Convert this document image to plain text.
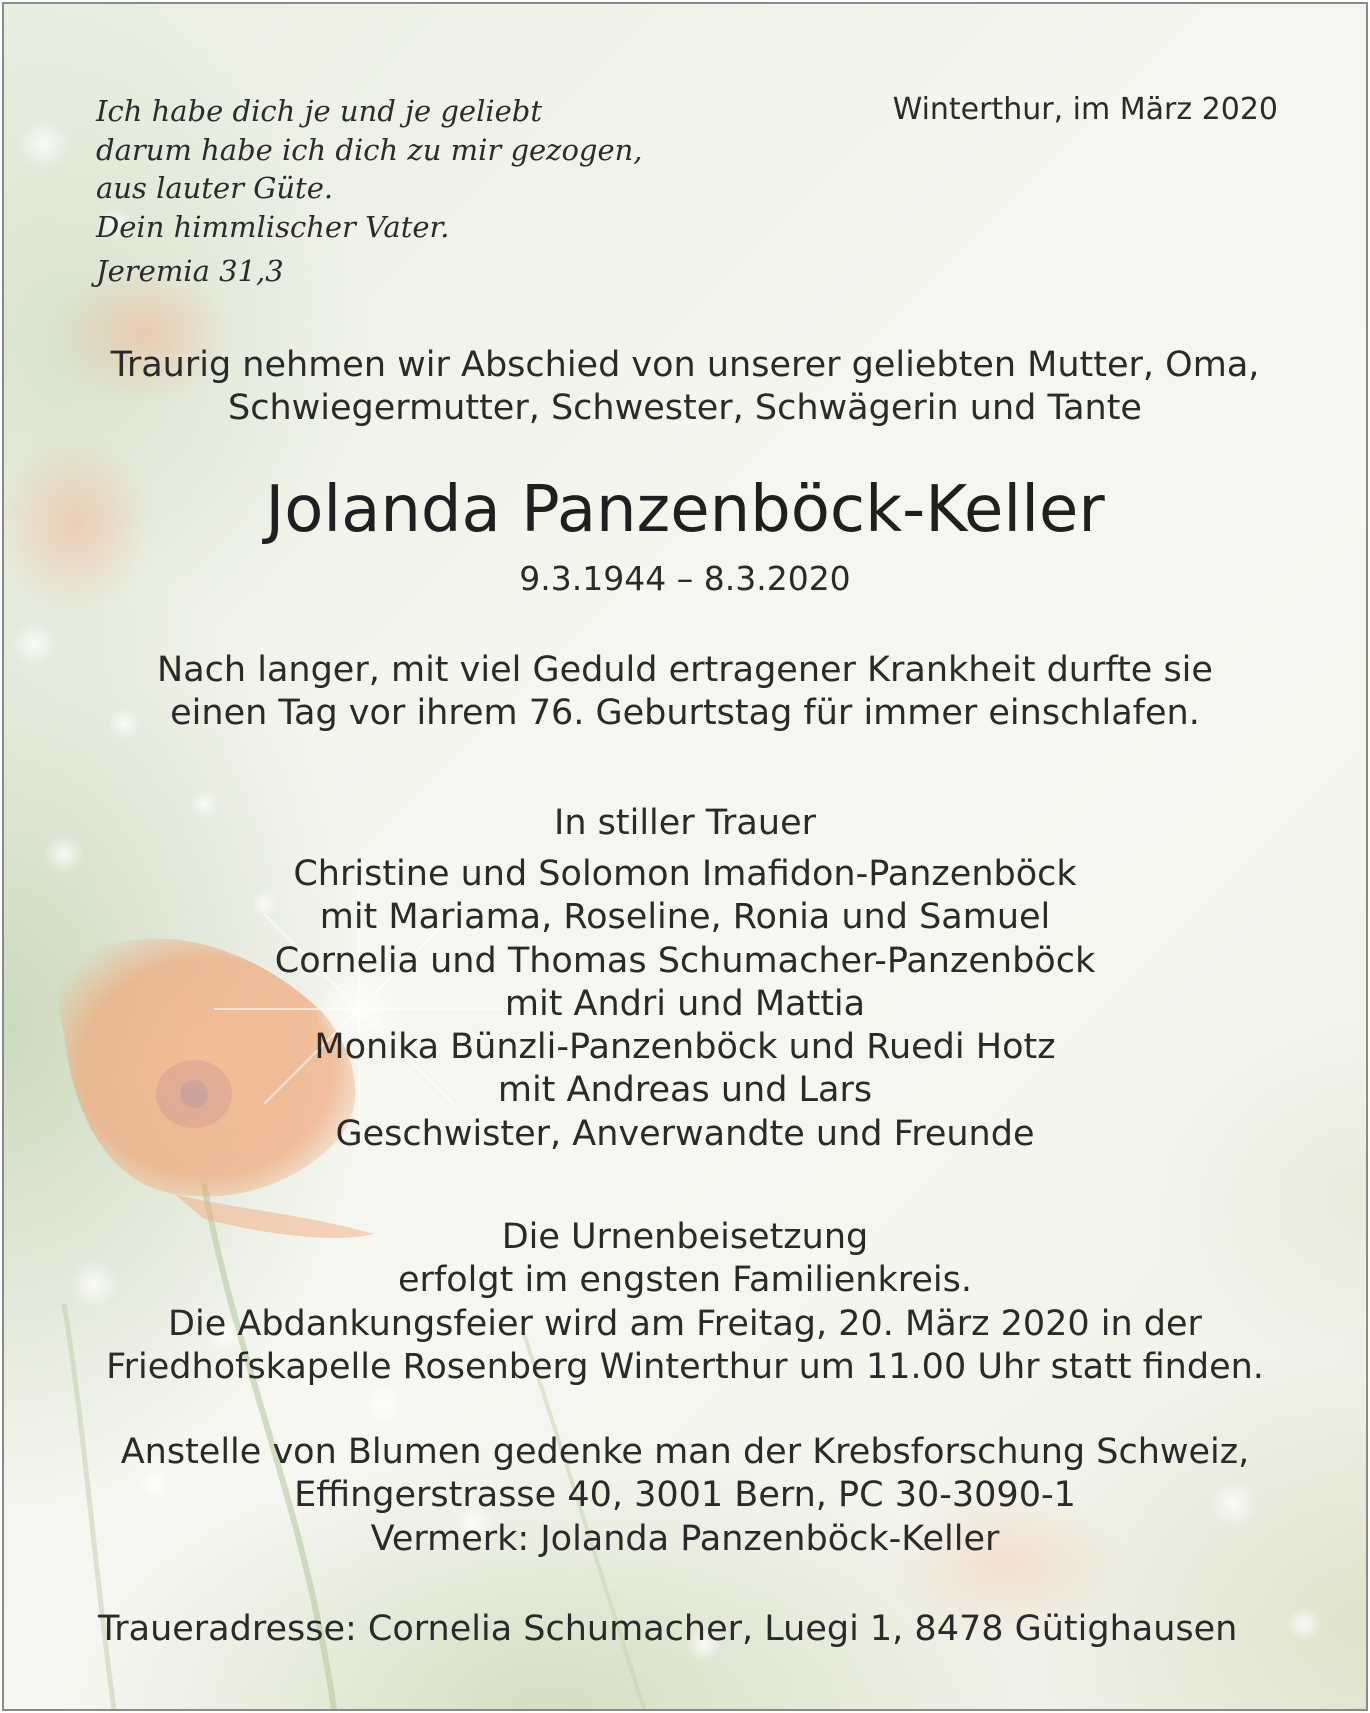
Ich habe dich je und je geliebt
darum habe ich dich zu mir gezogen,
aus lauter Güte.
Dein himmlischer Vater.
Jeremia 31,3
Winterthur, im März 2020
Traurig nehmen wir Abschied von unserer geliebten Mutter, Oma,
Schwiegermutter, Schwester, Schwägerin und Tante
Jolanda Panzenböck-Keller
9.3.1944 – 8.3.2020
Nach langer, mit viel Geduld ertragener Krankheit durfte sie
einen Tag vor ihrem 76. Geburtstag für immer einschlafen.
In stiller Trauer
Christine und Solomon Imafidon-Panzenböck
mit Mariama, Roseline, Ronia und Samuel
Cornelia und Thomas Schumacher-Panzenböck
mit Andri und Mattia
Monika Bünzli-Panzenböck und Ruedi Hotz
mit Andreas und Lars
Geschwister, Anverwandte und Freunde
Die Urnenbeisetzung
erfolgt im engsten Familienkreis.
Die Abdankungsfeier wird am Freitag, 20. März 2020 in der
Friedhofskapelle Rosenberg Winterthur um 11.00 Uhr statt finden.
Anstelle von Blumen gedenke man der Krebsforschung Schweiz,
Effingerstrasse 40, 3001 Bern, PC 30-3090-1
Vermerk: Jolanda Panzenböck-Keller
Traueradresse: Cornelia Schumacher, Luegi 1, 8478 Gütighausen
